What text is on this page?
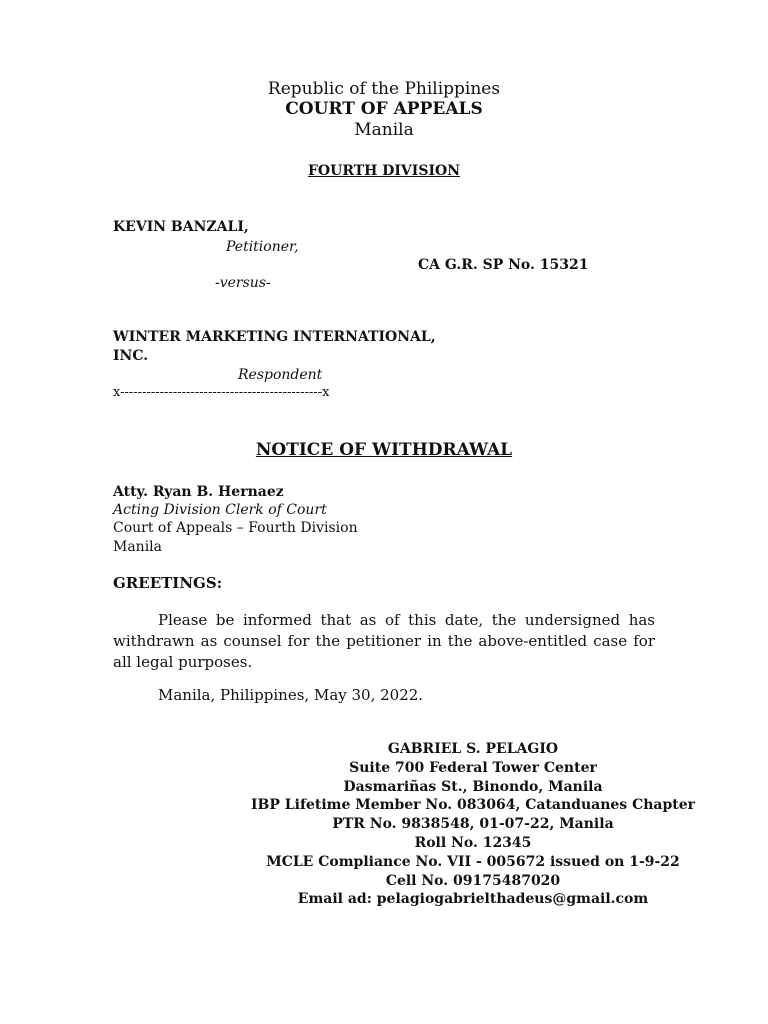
Republic of the Philippines
COURT OF APPEALS
Manila
FOURTH DIVISION
KEVIN BANZALI,
Petitioner,
CA G.R. SP No. 15321
-versus-
WINTER MARKETING INTERNATIONAL,
INC.
Respondent
x----------------------------------------------x
NOTICE OF WITHDRAWAL
Atty. Ryan B. Hernaez
Acting Division Clerk of Court
Court of Appeals – Fourth Division
Manila
GREETINGS:
Please be informed that as of this date, the undersigned has withdrawn as counsel for the petitioner in the above-entitled case for all legal purposes.
Manila, Philippines, May 30, 2022.
GABRIEL S. PELAGIO
Suite 700 Federal Tower Center
Dasmariñas St., Binondo, Manila
IBP Lifetime Member No. 083064, Catanduanes Chapter
PTR No. 9838548, 01-07-22, Manila
Roll No. 12345
MCLE Compliance No. VII - 005672 issued on 1-9-22
Cell No. 09175487020
Email ad: pelagiogabrielthadeus@gmail.com
